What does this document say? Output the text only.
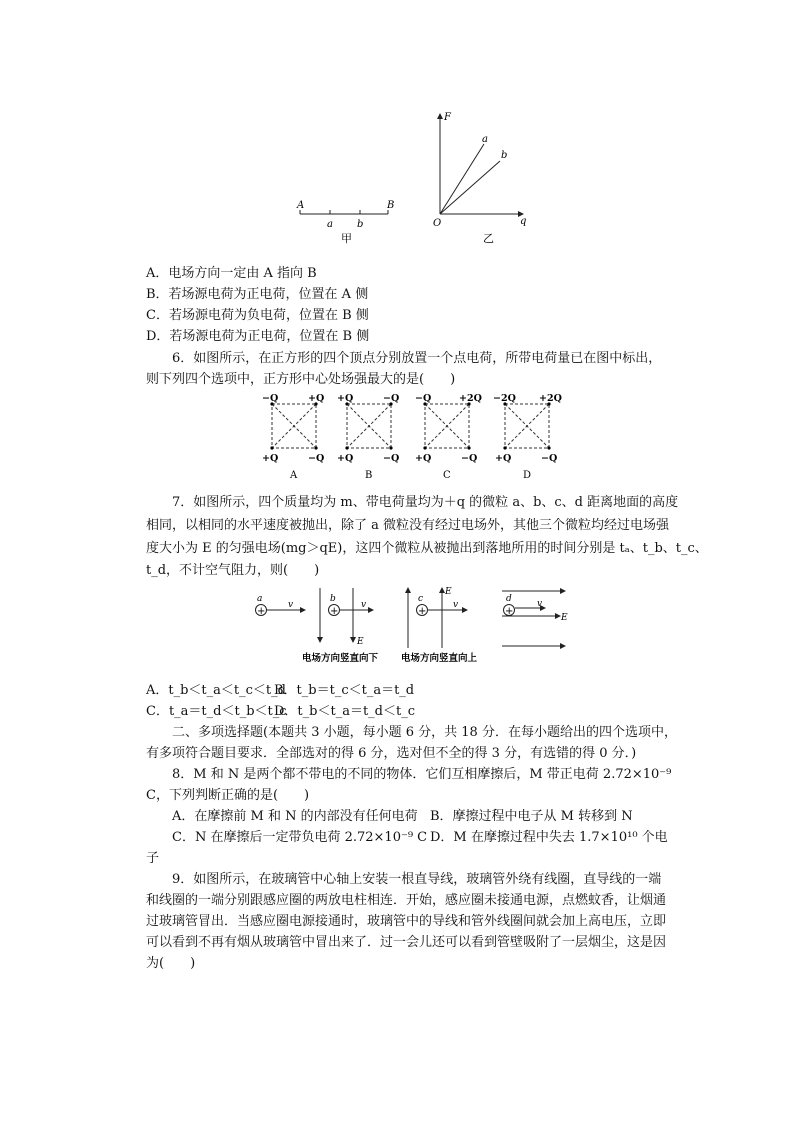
A	B
a b
甲
F
q
O
a
b
乙
A．电场方向一定由 A 指向 B
B．若场源电荷为正电荷，位置在 A 侧
C．若场源电荷为负电荷，位置在 B 侧
D．若场源电荷为正电荷，位置在 B 侧
6．如图所示，在正方形的四个顶点分别放置一个点电荷，所带电荷量已在图中标出，
则下列四个选项中，正方形中心处场强最大的是(　　)
−Q	+Q
+Q	−Q
A
+Q	−Q
+Q	−Q
B
−Q	+2Q
+Q	−Q
C
−2Q +2Q
+Q	−Q
D
7．如图所示，四个质量均为 m、带电荷量均为＋q 的微粒 a、b、c、d 距离地面的高度
相同，以相同的水平速度被抛出，除了 a 微粒没有经过电场外，其他三个微粒均经过电场强
度大小为 E 的匀强电场(mg＞qE)，这四个微粒从被抛出到落地所用的时间分别是 tₐ、t_b、t_c、
t_d，不计空气阻力，则(　　)
+
a
v
+
b
v
E
+
c
v
E
+
d	v
E
电场方向竖直向下 电场方向竖直向上
A．t_b＜t_a＜t_c＜t_d
B．t_b＝t_c＜t_a＝t_d
C．t_a＝t_d＜t_b＜t_c
D．t_b＜t_a＝t_d＜t_c
二、多项选择题(本题共 3 小题，每小题 6 分，共 18 分．在每小题给出的四个选项中，
有多项符合题目要求．全部选对的得 6 分，选对但不全的得 3 分，有选错的得 0 分．)
8．M 和 N 是两个都不带电的不同的物体．它们互相摩擦后，M 带正电荷 2.72×10⁻⁹
C，下列判断正确的是(　　)
A．在摩擦前 M 和 N 的内部没有任何电荷 B．摩擦过程中电子从 M 转移到 N
C．N 在摩擦后一定带负电荷 2.72×10⁻⁹ C D．M 在摩擦过程中失去 1.7×10¹⁰ 个电
子
9．如图所示，在玻璃管中心轴上安装一根直导线，玻璃管外绕有线圈，直导线的一端
和线圈的一端分别跟感应圈的两放电柱相连．开始，感应圈未接通电源，点燃蚊香，让烟通
过玻璃管冒出．当感应圈电源接通时，玻璃管中的导线和管外线圈间就会加上高电压，立即
可以看到不再有烟从玻璃管中冒出来了．过一会儿还可以看到管壁吸附了一层烟尘，这是因
为(　　)
